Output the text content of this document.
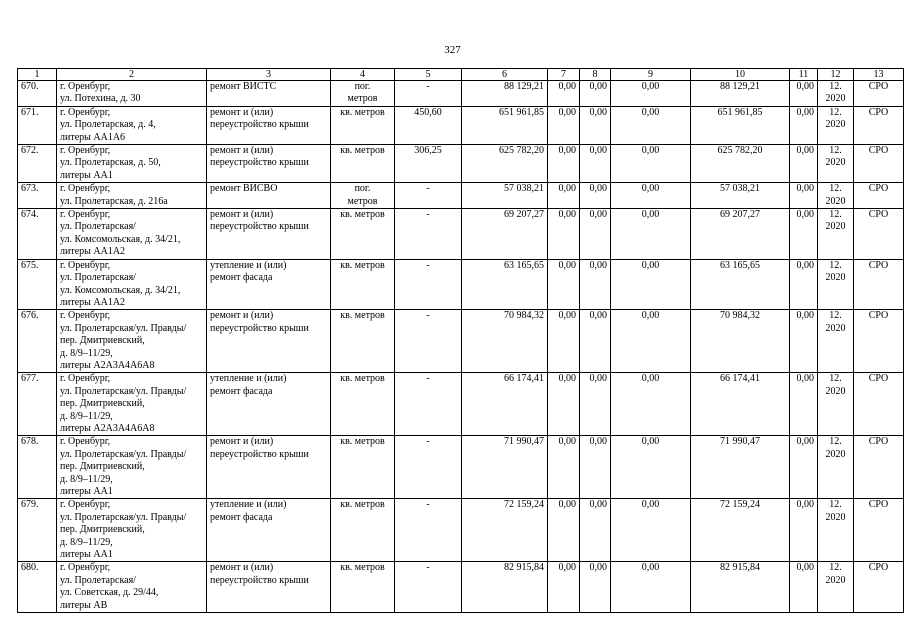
327
1	2	3	4	5	6	7	8	9	10	11	12	13
670.	г. Оренбург,
ул. Потехина, д. 30	ремонт ВИСТС	пог.
метров	-	88 129,21	0,00	0,00	0,00	88 129,21	0,00	12.
2020	СРО
671.	г. Оренбург,
ул. Пролетарская, д. 4,
литеры АА1А6	ремонт и (или)
переустройство крыши	кв. метров	450,60	651 961,85	0,00	0,00	0,00	651 961,85	0,00	12.
2020	СРО
672.	г. Оренбург,
ул. Пролетарская, д. 50,
литеры АА1	ремонт и (или)
переустройство крыши	кв. метров	306,25	625 782,20	0,00	0,00	0,00	625 782,20	0,00	12.
2020	СРО
673.	г. Оренбург,
ул. Пролетарская, д. 216а	ремонт ВИСВО	пог.
метров	-	57 038,21	0,00	0,00	0,00	57 038,21	0,00	12.
2020	СРО
674.	г. Оренбург,
ул. Пролетарская/
ул. Комсомольская, д. 34/21,
литеры АА1А2	ремонт и (или)
переустройство крыши	кв. метров	-	69 207,27	0,00	0,00	0,00	69 207,27	0,00	12.
2020	СРО
675.	г. Оренбург,
ул. Пролетарская/
ул. Комсомольская, д. 34/21,
литеры АА1А2	утепление и (или)
ремонт фасада	кв. метров	-	63 165,65	0,00	0,00	0,00	63 165,65	0,00	12.
2020	СРО
676.	г. Оренбург,
ул. Пролетарская/ул. Правды/
пер. Дмитриевский,
д. 8/9–11/29,
литеры А2А3А4А6А8	ремонт и (или)
переустройство крыши	кв. метров	-	70 984,32	0,00	0,00	0,00	70 984,32	0,00	12.
2020	СРО
677.	г. Оренбург,
ул. Пролетарская/ул. Правды/
пер. Дмитриевский,
д. 8/9–11/29,
литеры А2А3А4А6А8	утепление и (или)
ремонт фасада	кв. метров	-	66 174,41	0,00	0,00	0,00	66 174,41	0,00	12.
2020	СРО
678.	г. Оренбург,
ул. Пролетарская/ул. Правды/
пер. Дмитриевский,
д. 8/9–11/29,
литеры АА1	ремонт и (или)
переустройство крыши	кв. метров	-	71 990,47	0,00	0,00	0,00	71 990,47	0,00	12.
2020	СРО
679.	г. Оренбург,
ул. Пролетарская/ул. Правды/
пер. Дмитриевский,
д. 8/9–11/29,
литеры АА1	утепление и (или)
ремонт фасада	кв. метров	-	72 159,24	0,00	0,00	0,00	72 159,24	0,00	12.
2020	СРО
680.	г. Оренбург,
ул. Пролетарская/
ул. Советская, д. 29/44,
литеры АВ	ремонт и (или)
переустройство крыши	кв. метров	-	82 915,84	0,00	0,00	0,00	82 915,84	0,00	12.
2020	СРО
